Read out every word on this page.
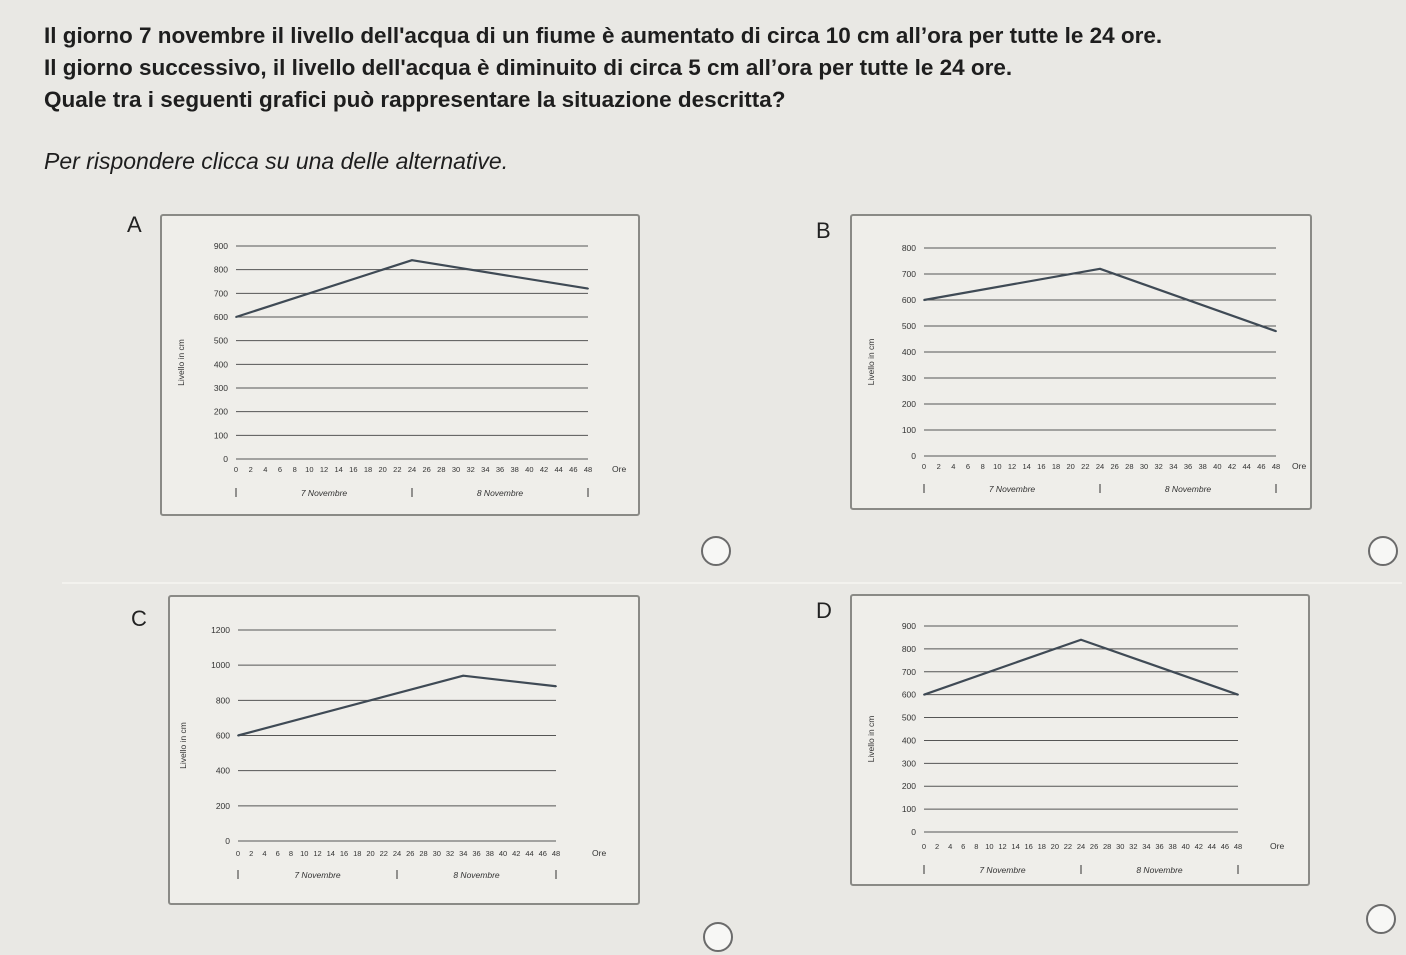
Il giorno 7 novembre il livello dell'acqua di un fiume è aumentato di circa 10 cm all’ora per tutte le 24 ore.
Il giorno successivo, il livello dell'acqua è diminuito di circa 5 cm all’ora per tutte le 24 ore.
Quale tra i seguenti grafici può rappresentare la situazione descritta?
Per rispondere clicca su una delle alternative.
A
0
100
200
300
400
500
600
700
800
900
0 2 4 6 8 10 12 14 16 18 20 22 24 26 28 30 32 34 36 38 40 42 44 46 48 Ore
7 Novembre	8 Novembre
Livello in cm
B
0
100
200
300
400
500
600
700
800
0 2 4 6 8 10 12 14 16 18 20 22 24 26 28 30 32 34 36 38 40 42 44 46 48 Ore
7 Novembre	8 Novembre
Livello in cm
C
0
200
400
600
800
1000
1200
0 2 4 6 8 10 12 14 16 18 20 22 24 26 28 30 32 34 36 38 40 42 44 46 48	Ore
7 Novembre	8 Novembre
Livello in cm
D
0
100
200
300
400
500
600
700
800
900
0 2 4 6 8 10 12 14 16 18 20 22 24 26 28 30 32 34 36 38 40 42 44 46 48	Ore
7 Novembre	8 Novembre
Livello in cm
